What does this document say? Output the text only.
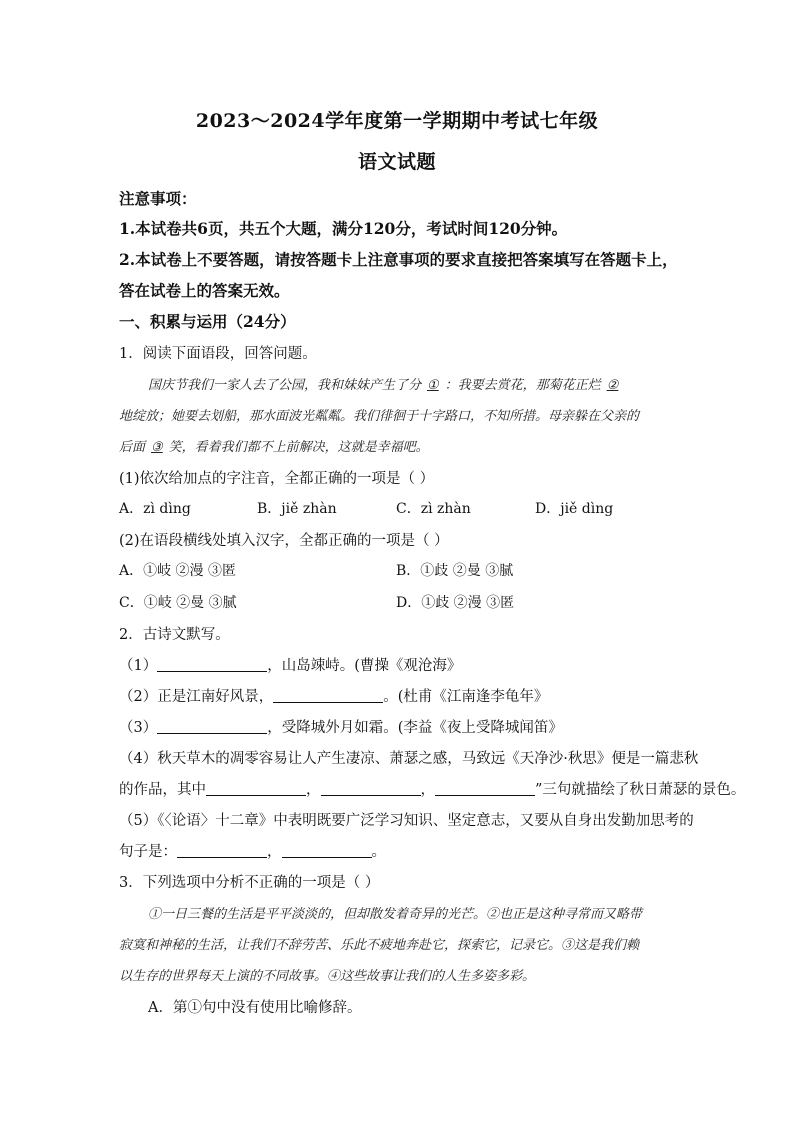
2023～2024学年度第一学期期中考试七年级
语文试题
注意事项：
1.本试卷共6页，共五个大题，满分120分，考试时间120分钟。
2.本试卷上不要答题，请按答题卡上注意事项的要求直接把答案填写在答题卡上，
答在试卷上的答案无效。
一、积累与运用（24分）
1．阅读下面语段，回答问题。
国庆节我们一家人去了公园，我和妹妹产生了分 ① ：我要去赏花，那菊花正烂 ②
地绽放；她要去划船，那水面波光粼粼。我们徘徊于十字路口，不知所措。母亲躲在父亲的
后面 ③ 笑，看着我们都不上前解决，这就是幸福吧。
(1)依次给加点的字注音，全都正确的一项是（ ）
A．zì dìng	B．jiě zhàn	C．zì zhàn	D．jiě dìng
(2)在语段横线处填入汉字，全都正确的一项是（ ）
A．①岐 ②漫 ③匿	B．①歧 ②曼 ③腻
C．①岐 ②曼 ③腻	D．①歧 ②漫 ③匿
2．古诗文默写。
（1）	，山岛竦峙。(曹操《观沧海》
（2）正是江南好风景，	。(杜甫《江南逢李龟年》
（3）	，受降城外月如霜。(李益《夜上受降城闻笛》
（4）秋天草木的凋零容易让人产生凄凉、萧瑟之感，马致远《天净沙·秋思》便是一篇悲秋
的作品，其中	，	，	”三句就描绘了秋日萧瑟的景色。
（5）《〈论语〉十二章》中表明既要广泛学习知识、坚定意志，又要从自身出发勤加思考的
句子是：	，	。
3．下列选项中分析不正确的一项是（ ）
①一日三餐的生活是平平淡淡的，但却散发着奇异的光芒。②也正是这种寻常而又略带
寂寞和神秘的生活，让我们不辞劳苦、乐此不疲地奔赴它，探索它，记录它。③这是我们赖
以生存的世界每天上演的不同故事。④这些故事让我们的人生多姿多彩。
A．第①句中没有使用比喻修辞。
